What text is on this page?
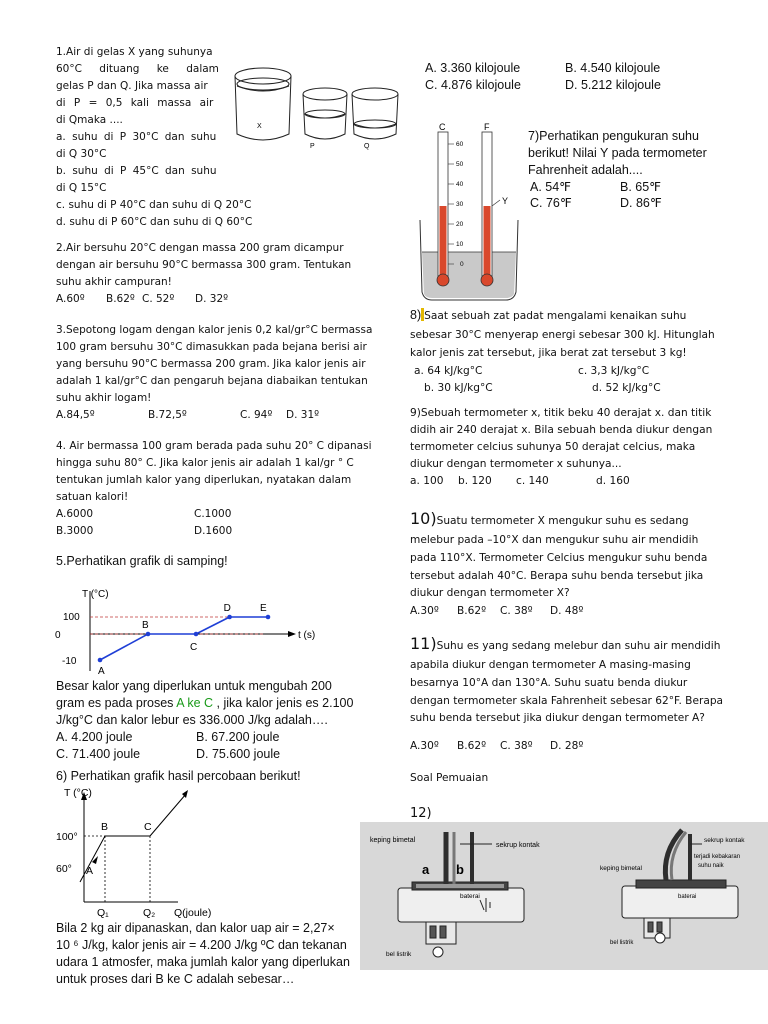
1.Air di gelas X yang suhunya
60°C dituang ke dalam
gelas P dan Q. Jika massa air
di P = 0,5 kali massa air
di Qmaka ....
a. suhu di P 30°C dan suhu
di Q 30°C
b. suhu di P 45°C dan suhu
di Q 15°C
c. suhu di P 40°C dan suhu di Q 20°C
d. suhu di P 60°C dan suhu di Q 60°C
X
P	Q
2.Air bersuhu 20°C dengan massa 200 gram dicampur
dengan air bersuhu 90°C bermassa 300 gram. Tentukan
suhu akhir campuran!
A.60º B.62º C. 52º D. 32º
3.Sepotong logam dengan kalor jenis 0,2 kal/gr°C bermassa
100 gram bersuhu 30°C dimasukkan pada bejana berisi air
yang bersuhu 90°C bermassa 200 gram. Jika kalor jenis air
adalah 1 kal/gr°C dan pengaruh bejana diabaikan tentukan
suhu akhir logam!
A.84,5º	B.72,5º	C. 94º D. 31º
4. Air bermassa 100 gram berada pada suhu 20° C dipanasi
hingga suhu 80° C. Jika kalor jenis air adalah 1 kal/gr ° C
tentukan jumlah kalor yang diperlukan, nyatakan dalam
satuan kalori!
A.6000	C.1000
B.3000	D.1600
5.Perhatikan grafik di samping!
T (°C)
t (s)
100
0
-10
A
B
C
D	E
Besar kalor yang diperlukan untuk mengubah 200
gram es pada proses A ke C , jika kalor jenis es 2.100
J/kg°C dan kalor lebur es 336.000 J/kg adalah….
A. 4.200 joule	B. 67.200 joule
C. 71.400 joule	D. 75.600 joule
6) Perhatikan grafik hasil percobaan berikut!
T (°C)
Q(joule)
100°
60°
Q₁	Q₂
A
B	C
Bila 2 kg air dipanaskan, dan kalor uap air = 2,27×
10 ⁶ J/kg, kalor jenis air = 4.200 J/kg ºC dan tekanan
udara 1 atmosfer, maka jumlah kalor yang diperlukan
untuk proses dari B ke C adalah sebesar…
A. 3.360 kilojoule	B. 4.540 kilojoule
C. 4.876 kilojoule	D. 5.212 kilojoule
60
50
40
30
20
10
0
C	F
Y
7)Perhatikan pengukuran suhu
berikut! Nilai Y pada termometer
Fahrenheit adalah....
A. 54℉	B. 65℉
C. 76℉	D. 86℉
8) Saat sebuah zat padat mengalami kenaikan suhu
sebesar 30°C menyerap energi sebesar 300 kJ. Hitunglah
kalor jenis zat tersebut, jika berat zat tersebut 3 kg!
a. 64 kJ/kg°C	c. 3,3 kJ/kg°C
b. 30 kJ/kg°C	d. 52 kJ/kg°C
9)Sebuah termometer x, titik beku 40 derajat x. dan titik
didih air 240 derajat x. Bila sebuah benda diukur dengan
termometer celcius suhunya 50 derajat celcius, maka
diukur dengan termometer x suhunya...
a. 100 b. 120 c. 140	d. 160
10)Suatu termometer X mengukur suhu es sedang
melebur pada –10°X dan mengukur suhu air mendidih
pada 110°X. Termometer Celcius mengukur suhu benda
tersebut adalah 40°C. Berapa suhu benda tersebut jika
diukur dengan termometer X?
A.30º B.62º C. 38º D. 48º
11)Suhu es yang sedang melebur dan suhu air mendidih
apabila diukur dengan termometer A masing-masing
besarnya 10°A dan 130°A. Suhu suatu benda diukur
dengan termometer skala Fahrenheit sebesar 62°F. Berapa
suhu benda tersebut jika diukur dengan termometer A?
A.30º B.62º C. 38º D. 28º
Soal Pemuaian
12)
keping bimetal
sekrup kontak
a b
baterai
bel listrik
sekrup kontak
terjadi kebakaran
suhu naik
keping bimetal
baterai
bel listrik
